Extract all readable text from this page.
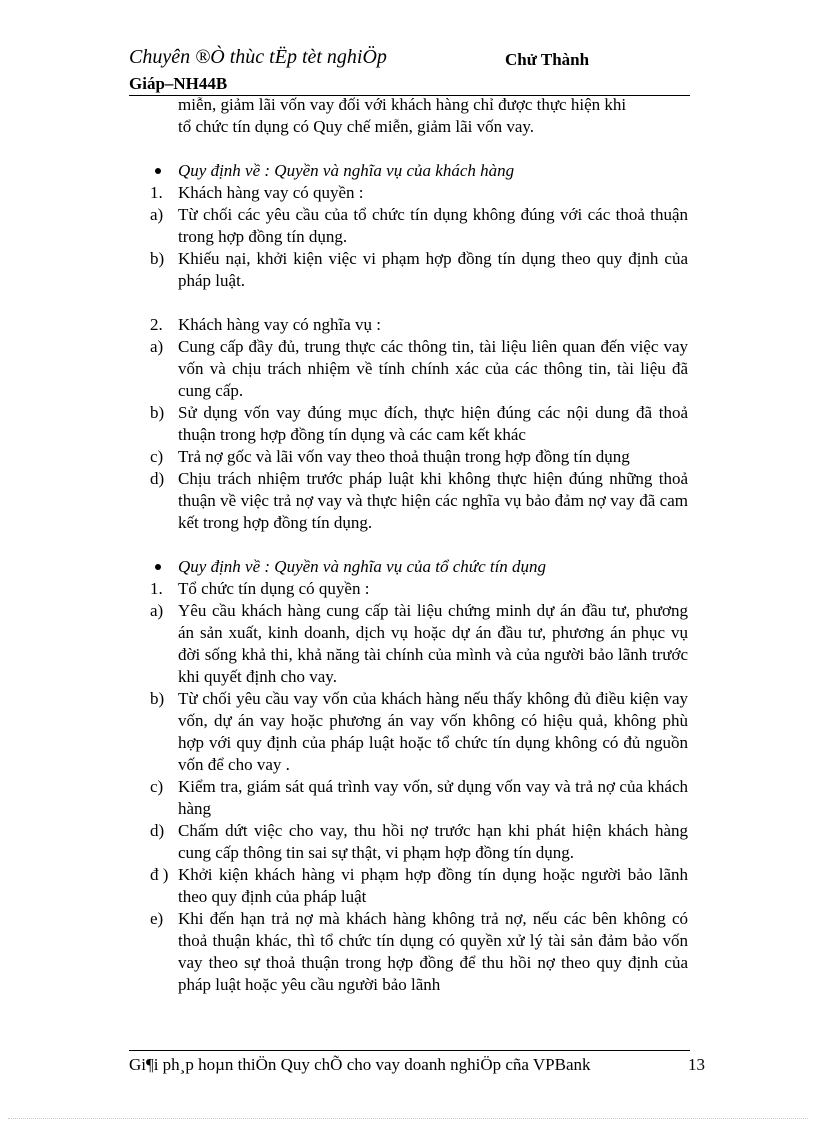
Chuyên ®Ò thùc tËp tèt nghiÖp	Chử Thành
Giáp–NH44B
miễn, giảm lãi vốn vay đối với khách hàng chỉ được thực hiện khi
tổ chức tín dụng có Quy chế miễn, giảm lãi vốn vay.
Quy định về : Quyền và nghĩa vụ của khách hàng
1. Khách hàng vay có quyền :
a) Từ chối các yêu cầu của tổ chức tín dụng không đúng với các thoả thuận trong hợp đồng tín dụng.
b) Khiếu nại, khởi kiện việc vi phạm hợp đồng tín dụng theo quy định của pháp luật.
2. Khách hàng vay có nghĩa vụ :
a) Cung cấp đầy đủ, trung thực các thông tin, tài liệu liên quan đến việc vay vốn và chịu trách nhiệm về tính chính xác của các thông tin, tài liệu đã cung cấp.
b) Sử dụng vốn vay đúng mục đích, thực hiện đúng các nội dung đã thoả thuận trong hợp đồng tín dụng và các cam kết khác
c) Trả nợ gốc và lãi vốn vay theo thoả thuận trong hợp đồng tín dụng
d) Chịu trách nhiệm trước pháp luật khi không thực hiện đúng những thoả thuận về việc trả nợ vay và thực hiện các nghĩa vụ bảo đảm nợ vay đã cam kết trong hợp đồng tín dụng.
Quy định về : Quyền và nghĩa vụ của tổ chức tín dụng
1. Tổ chức tín dụng có quyền :
a) Yêu cầu khách hàng cung cấp tài liệu chứng minh dự án đầu tư, phương án sản xuất, kinh doanh, dịch vụ hoặc dự án đầu tư, phương án phục vụ đời sống khả thi, khả năng tài chính của mình và của người bảo lãnh trước khi quyết định cho vay.
b) Từ chối yêu cầu vay vốn của khách hàng nếu thấy không đủ điều kiện vay vốn, dự án vay hoặc phương án vay vốn không có hiệu quả, không phù hợp với quy định của pháp luật hoặc tổ chức tín dụng không có đủ nguồn vốn để cho vay .
c) Kiểm tra, giám sát quá trình vay vốn, sử dụng vốn vay và trả nợ của khách hàng
d) Chấm dứt việc cho vay, thu hồi nợ trước hạn khi phát hiện khách hàng cung cấp thông tin sai sự thật, vi phạm hợp đồng tín dụng.
đ ) Khởi kiện khách hàng vi phạm hợp đồng tín dụng hoặc người bảo lãnh theo quy định của pháp luật
e) Khi đến hạn trả nợ mà khách hàng không trả nợ, nếu các bên không có thoả thuận khác, thì tổ chức tín dụng có quyền xử lý tài sản đảm bảo vốn vay theo sự thoả thuận trong hợp đồng để thu hồi nợ theo quy định của pháp luật hoặc yêu cầu người bảo lãnh
Gi¶i ph¸p hoµn thiÖn Quy chÕ cho vay doanh nghiÖp cña VPBank	13
